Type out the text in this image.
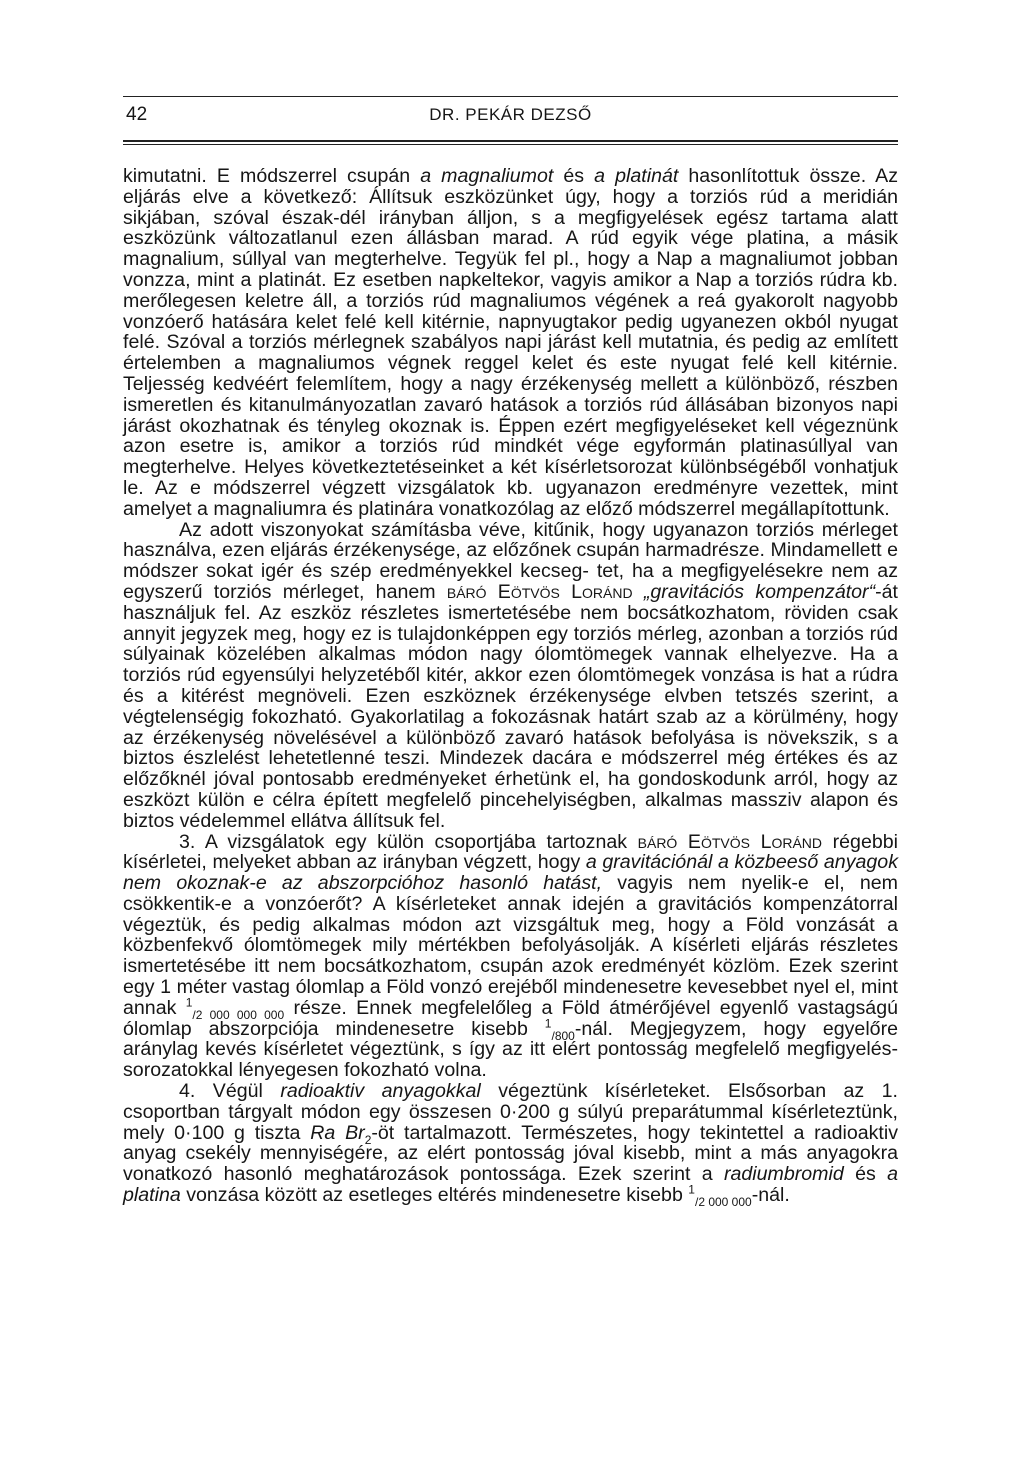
42	DR. PEKÁR DEZSŐ

kimutatni. E módszerrel csupán a magnaliumot és a platinát hasonlítottuk össze. Az eljárás elve a következő: Állítsuk eszközünket úgy, hogy a torziós rúd a meridián sikjában, szóval észak-dél irányban álljon, s a megfigyelések egész tartama alatt eszközünk változatlanul ezen állásban marad. A rúd egyik vége platina, a másik magnalium, súllyal van megterhelve. Tegyük fel pl., hogy a Nap a magnaliumot jobban vonzza, mint a platinát. Ez esetben napkeltekor, vagyis amikor a Nap a torziós rúdra kb. merőlegesen keletre áll, a torziós rúd magnaliumos végének a reá gyakorolt nagyobb vonzóerő hatására kelet felé kell kitérnie, napnyugtakor pedig ugyanezen okból nyugat felé. Szóval a torziós mérlegnek szabályos napi járást kell mutatnia, és pedig az említett értelemben a magnaliumos végnek reggel kelet és este nyugat felé kell kitérnie. Teljesség kedvéért felemlítem, hogy a nagy érzékenység mellett a különböző, részben ismeretlen és kitanulmányozatlan zavaró hatások a torziós rúd állásában bizonyos napi járást okozhatnak és tényleg okoznak is. Éppen ezért megfigyeléseket kell végeznünk azon esetre is, amikor a torziós rúd mindkét vége egyformán platinasúllyal van megterhelve. Helyes következtetéseinket a két kísérletsorozat különbségéből vonhatjuk le. Az e módszerrel végzett vizsgálatok kb. ugyanazon eredményre vezettek, mint amelyet a magnaliumra és platinára vonatkozólag az előző módszerrel megállapítottunk.

Az adott viszonyokat számításba véve, kitűnik, hogy ugyanazon torziós mérleget használva, ezen eljárás érzékenysége, az előzőnek csupán harmadrésze. Mindamellett e módszer sokat igér és szép eredményekkel kecseg- tet, ha a megfigyelésekre nem az egyszerű torziós mérleget, hanem báró Eötvös Loránd „gravitációs kompenzátor“-át használjuk fel. Az eszköz részletes ismertetésébe nem bocsátkozhatom, röviden csak annyit jegyzek meg, hogy ez is tulajdonképpen egy torziós mérleg, azonban a torziós rúd súlyainak közelében alkalmas módon nagy ólomtömegek vannak elhelyezve. Ha a torziós rúd egyensúlyi helyzetéből kitér, akkor ezen ólomtömegek vonzása is hat a rúdra és a kitérést megnöveli. Ezen eszköznek érzékenysége elvben tetszés szerint, a végtelenségig fokozható. Gyakorlatilag a fokozásnak határt szab az a körülmény, hogy az érzékenység növelésével a különböző zavaró hatások befolyása is növekszik, s a biztos észlelést lehetetlenné teszi. Mindezek dacára e módszerrel még értékes és az előzőknél jóval pontosabb eredményeket érhetünk el, ha gondoskodunk arról, hogy az eszközt külön e célra épített megfelelő pincehelyiségben, alkalmas massziv alapon és biztos védelemmel ellátva állítsuk fel.

3. A vizsgálatok egy külön csoportjába tartoznak báró Eötvös Loránd régebbi kísérletei, melyeket abban az irányban végzett, hogy a gravitációnál a közbeeső anyagok nem okoznak-e az abszorpcióhoz hasonló hatást, vagyis nem nyelik-e el, nem csökkentik-e a vonzóerőt? A kísérleteket annak idején a gravitációs kompenzátorral végeztük, és pedig alkalmas módon azt vizsgáltuk meg, hogy a Föld vonzását a közbenfekvő ólomtömegek mily mértékben befolyásolják. A kísérleti eljárás részletes ismertetésébe itt nem bocsátkozhatom, csupán azok eredményét közlöm. Ezek szerint egy 1 méter vastag ólomlap a Föld vonzó erejéből mindenesetre kevesebbet nyel el, mint annak $^1_{/2 000 000 000}$ része. Ennek megfelelőleg a Föld átmérőjével egyenlő vastagságú ólomlap abszorpciója mindenesetre kisebb $^1_{/800}$-nál. Megjegyzem, hogy egyelőre aránylag kevés kísérletet végeztünk, s így az itt elért pontosság megfelelő megfigyelés-sorozatokkal lényegesen fokozható volna.

4. Végül radioaktiv anyagokkal végeztünk kísérleteket. Elsősorban az 1. csoportban tárgyalt módon egy összesen 0·200 g súlyú preparátummal kísérleteztünk, mely 0·100 g tiszta Ra $Br_2-öt$ tartalmazott. Természetes, hogy tekintettel a radioaktiv anyag csekély mennyiségére, az elért pontosság jóval kisebb, mint a más anyagokra vonatkozó hasonló meghatározások pontossága. Ezek szerint a radiumbromid és a platina vonzása között az esetleges eltérés mindenesetre kisebb $^1_{/2 000 000}$-nál.
